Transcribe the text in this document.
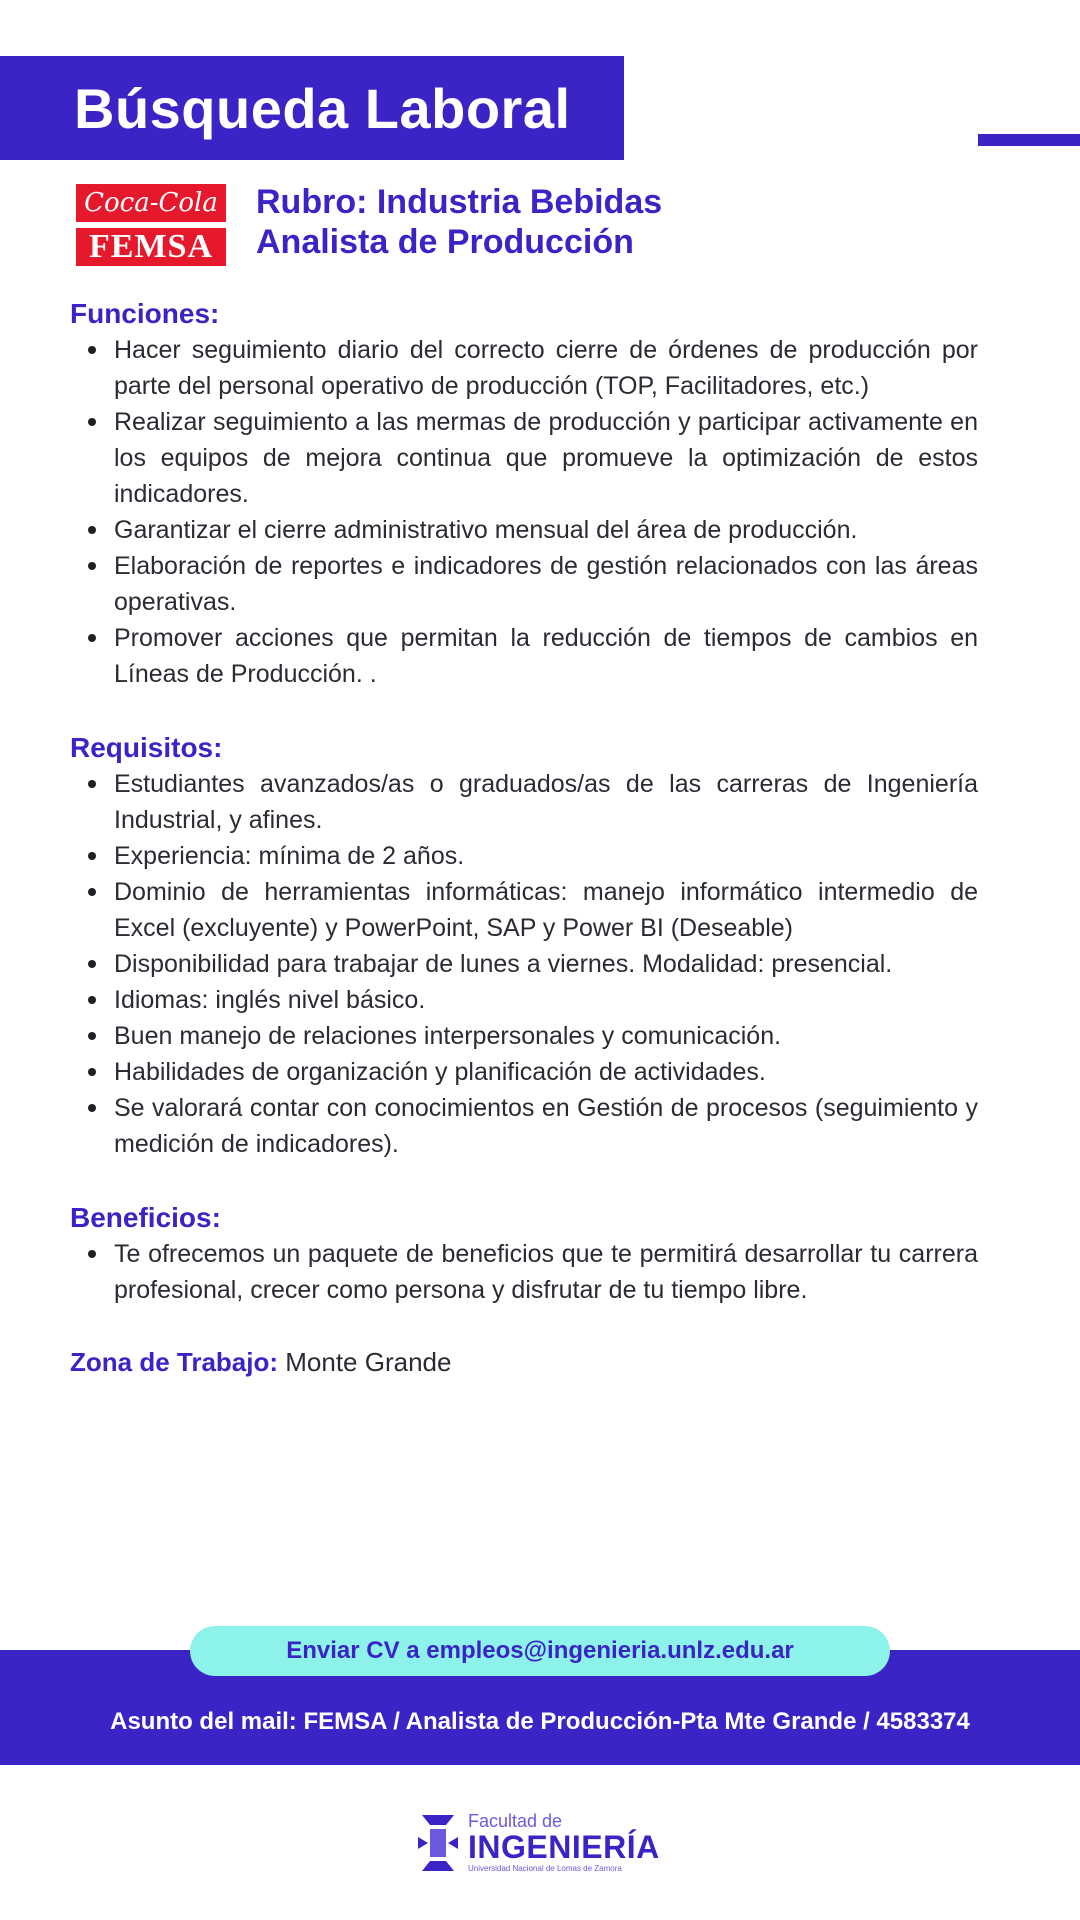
Búsqueda Laboral
Coca-Cola
FEMSA
Rubro: Industria Bebidas
Analista de Producción
Funciones:
Hacer seguimiento diario del correcto cierre de órdenes de producción por parte del personal operativo de producción (TOP, Facilitadores, etc.)
Realizar seguimiento a las mermas de producción y participar activamente en los equipos de mejora continua que promueve la optimización de estos indicadores.
Garantizar el cierre administrativo mensual del área de producción.
Elaboración de reportes e indicadores de gestión relacionados con las áreas operativas.
Promover acciones que permitan la reducción de tiempos de cambios en Líneas de Producción. .
Requisitos:
Estudiantes avanzados/as o graduados/as de las carreras de Ingeniería Industrial, y afines.
Experiencia: mínima de 2 años.
Dominio de herramientas informáticas: manejo informático intermedio de Excel (excluyente) y PowerPoint, SAP y Power BI (Deseable)
Disponibilidad para trabajar de lunes a viernes. Modalidad: presencial.
Idiomas: inglés nivel básico.
Buen manejo de relaciones interpersonales y comunicación.
Habilidades de organización y planificación de actividades.
Se valorará contar con conocimientos en Gestión de procesos (seguimiento y medición de indicadores).
Beneficios:
Te ofrecemos un paquete de beneficios que te permitirá desarrollar tu carrera profesional, crecer como persona y disfrutar de tu tiempo libre.
Zona de Trabajo: Monte Grande
Enviar CV a empleos@ingenieria.unlz.edu.ar
Asunto del mail: FEMSA / Analista de Producción-Pta Mte Grande / 4583374
Facultad de
INGENIERÍA
Universidad Nacional de Lomas de Zamora
